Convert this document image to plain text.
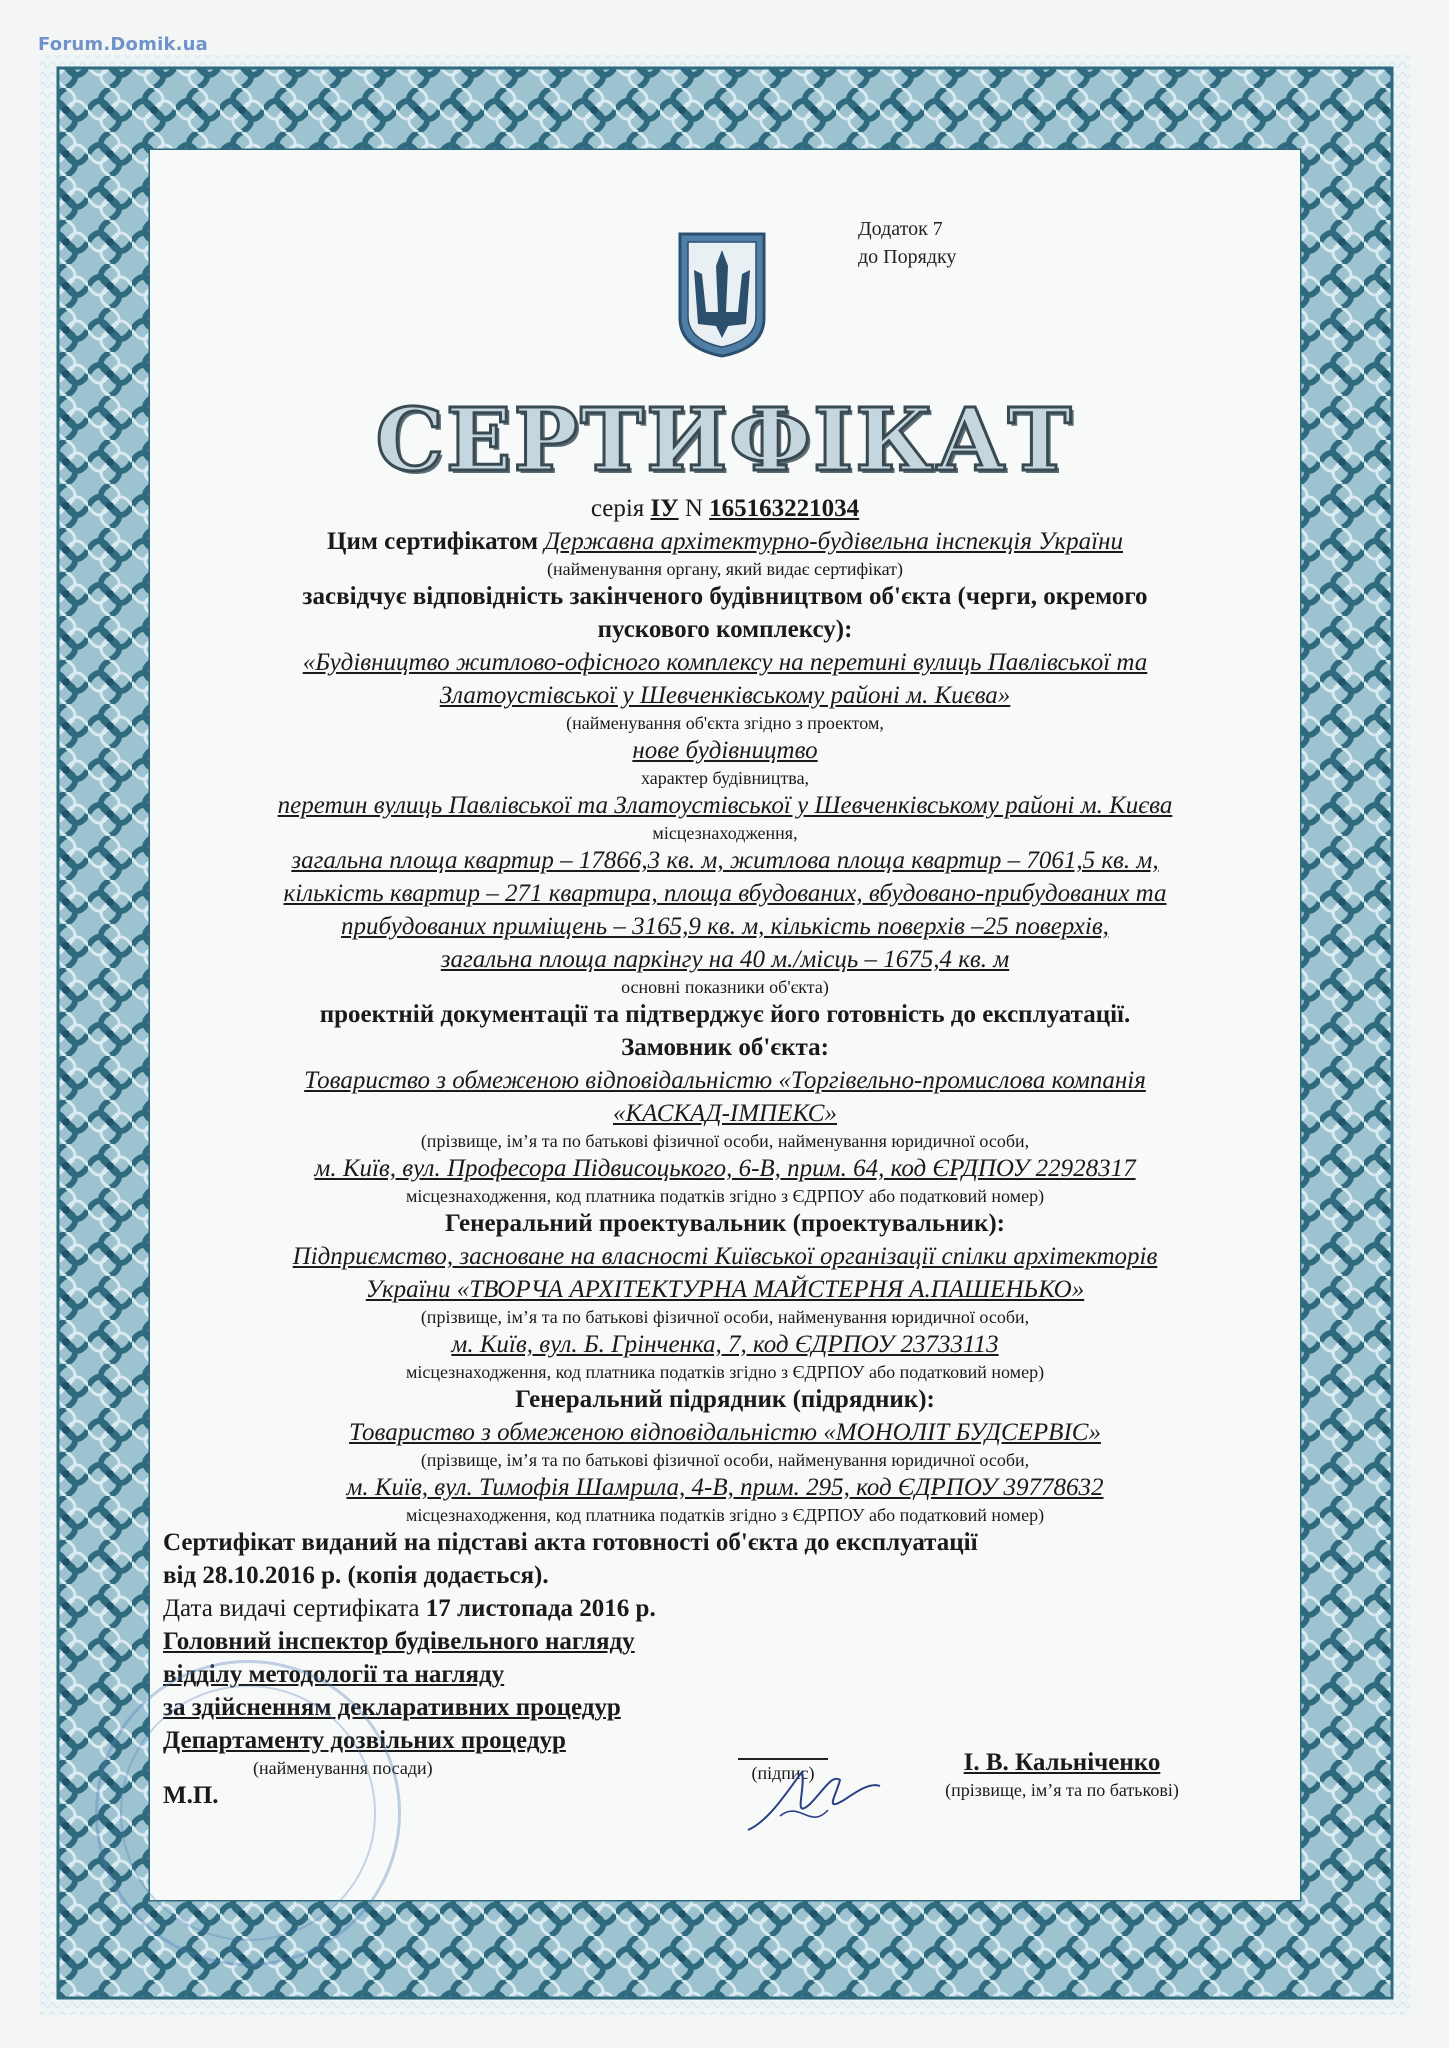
Forum.Domik.ua
Додаток 7
до Порядку
СЕРТИФІКАТ
серія ІУ N 165163221034
Цим сертифікатом Державна архітектурно-будівельна інспекція України
(найменування органу, який видає сертифікат)
засвідчує відповідність закінченого будівництвом об'єкта (черги, окремого
пускового комплексу):
«Будівництво житлово-офісного комплексу на перетині вулиць Павлівської та
Златоустівської у Шевченківському районі м. Києва»
(найменування об'єкта згідно з проектом,
нове будівництво
характер будівництва,
перетин вулиць Павлівської та Златоустівської у Шевченківському районі м. Києва
місцезнаходження,
загальна площа квартир – 17866,3 кв. м, житлова площа квартир – 7061,5 кв. м,
кількість квартир – 271 квартира, площа вбудованих, вбудовано-прибудованих та
прибудованих приміщень – 3165,9 кв. м, кількість поверхів –25 поверхів,
загальна площа паркінгу на 40 м./місць – 1675,4 кв. м
основні показники об'єкта)
проектній документації та підтверджує його готовність до експлуатації.
Замовник об'єкта:
Товариство з обмеженою відповідальністю «Торгівельно-промислова компанія
«КАСКАД-ІМПЕКС»
(прізвище, ім’я та по батькові фізичної особи, найменування юридичної особи,
м. Київ, вул. Професора Підвисоцького, 6-В, прим. 64, код ЄРДПОУ 22928317
місцезнаходження, код платника податків згідно з ЄДРПОУ або податковий номер)
Генеральний проектувальник (проектувальник):
Підприємство, засноване на власності Київської організації спілки архітекторів
України «ТВОРЧА АРХІТЕКТУРНА МАЙСТЕРНЯ А.ПАШЕНЬКО»
(прізвище, ім’я та по батькові фізичної особи, найменування юридичної особи,
м. Київ, вул. Б. Грінченка, 7, код ЄДРПОУ 23733113
місцезнаходження, код платника податків згідно з ЄДРПОУ або податковий номер)
Генеральний підрядник (підрядник):
Товариство з обмеженою відповідальністю «МОНОЛІТ БУДСЕРВІС»
(прізвище, ім’я та по батькові фізичної особи, найменування юридичної особи,
м. Київ, вул. Тимофія Шамрила, 4-В, прим. 295, код ЄДРПОУ 39778632
місцезнаходження, код платника податків згідно з ЄДРПОУ або податковий номер)
Сертифікат виданий на підставі акта готовності об'єкта до експлуатації
від 28.10.2016 р. (копія додається).
Дата видачі сертифіката 17 листопада 2016 р.
Головний інспектор будівельного нагляду
відділу методології та нагляду
за здійсненням декларативних процедур
Департаменту дозвільних процедур
(найменування посади)	(підпис)	І. В. Кальніченко
(прізвище, ім’я та по батькові)
М.П.
